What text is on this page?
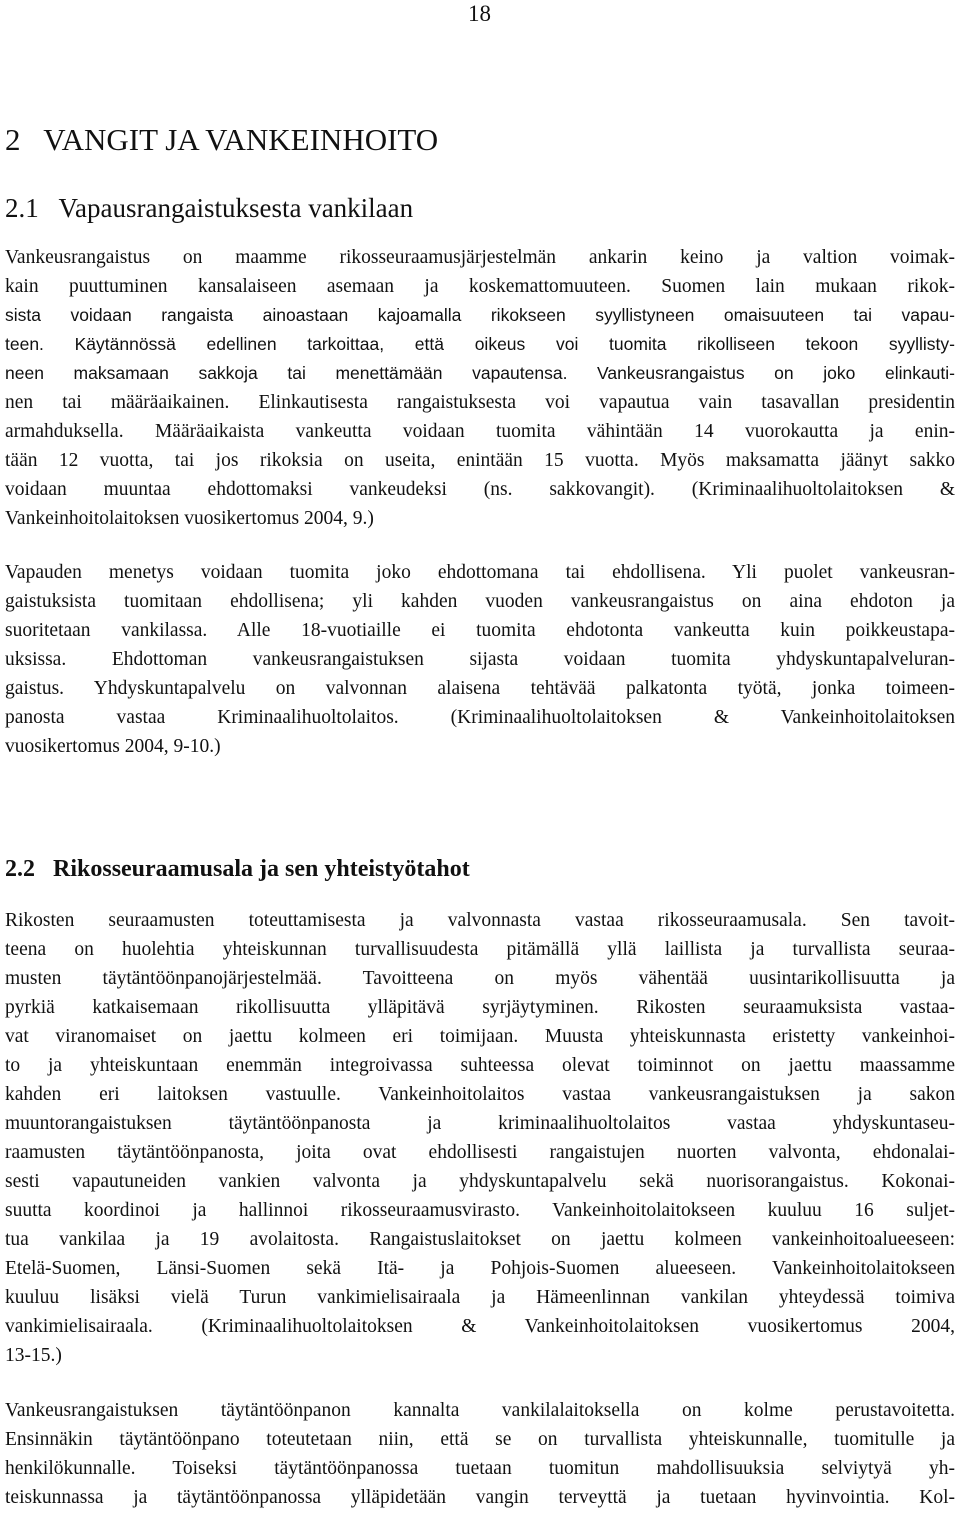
18
2   VANGIT JA VANKEINHOITO
2.1   Vapausrangaistuksesta vankilaan
Vankeusrangaistus on maamme rikosseuraamusjärjestelmän ankarin keino ja valtion voimak-
kain puuttuminen kansalaiseen asemaan ja koskemattomuuteen. Suomen lain mukaan rikok-
sista voidaan rangaista ainoastaan kajoamalla rikokseen syyllistyneen omaisuuteen tai vapau-
teen. Käytännössä edellinen tarkoittaa, että oikeus voi tuomita rikolliseen tekoon syyllisty-
neen maksamaan sakkoja tai menettämään vapautensa. Vankeusrangaistus on joko elinkauti-
nen tai määräaikainen. Elinkautisesta rangaistuksesta voi vapautua vain tasavallan presidentin
armahduksella. Määräaikaista vankeutta voidaan tuomita vähintään 14 vuorokautta ja enin-
tään 12 vuotta, tai jos rikoksia on useita, enintään 15 vuotta. Myös maksamatta jäänyt sakko
voidaan muuntaa ehdottomaksi vankeudeksi (ns. sakkovangit). (Kriminaalihuoltolaitoksen &
Vankeinhoitolaitoksen vuosikertomus 2004, 9.)
Vapauden menetys voidaan tuomita joko ehdottomana tai ehdollisena. Yli puolet vankeusran-
gaistuksista tuomitaan ehdollisena; yli kahden vuoden vankeusrangaistus on aina ehdoton ja
suoritetaan vankilassa. Alle 18-vuotiaille ei tuomita ehdotonta vankeutta kuin poikkeustapa-
uksissa. Ehdottoman vankeusrangaistuksen sijasta voidaan tuomita yhdyskuntapalveluran-
gaistus. Yhdyskuntapalvelu on valvonnan alaisena tehtävää palkatonta työtä, jonka toimeen-
panosta vastaa Kriminaalihuoltolaitos. (Kriminaalihuoltolaitoksen & Vankeinhoitolaitoksen
vuosikertomus 2004, 9-10.)
2.2   Rikosseuraamusala ja sen yhteistyötahot
Rikosten seuraamusten toteuttamisesta ja valvonnasta vastaa rikosseuraamusala. Sen tavoit-
teena on huolehtia yhteiskunnan turvallisuudesta pitämällä yllä laillista ja turvallista seuraa-
musten täytäntöönpanojärjestelmää. Tavoitteena on myös vähentää uusintarikollisuutta ja
pyrkiä katkaisemaan rikollisuutta ylläpitävä syrjäytyminen. Rikosten seuraamuksista vastaa-
vat viranomaiset on jaettu kolmeen eri toimijaan. Muusta yhteiskunnasta eristetty vankeinhoi-
to ja yhteiskuntaan enemmän integroivassa suhteessa olevat toiminnot on jaettu maassamme
kahden eri laitoksen vastuulle. Vankeinhoitolaitos vastaa vankeusrangaistuksen ja sakon
muuntorangaistuksen täytäntöönpanosta ja kriminaalihuoltolaitos vastaa yhdyskuntaseu-
raamusten täytäntöönpanosta, joita ovat ehdollisesti rangaistujen nuorten valvonta, ehdonalai-
sesti vapautuneiden vankien valvonta ja yhdyskuntapalvelu sekä nuorisorangaistus. Kokonai-
suutta koordinoi ja hallinnoi rikosseuraamusvirasto. Vankeinhoitolaitokseen kuuluu 16 suljet-
tua vankilaa ja 19 avolaitosta. Rangaistuslaitokset on jaettu kolmeen vankeinhoitoalueeseen:
Etelä-Suomen, Länsi-Suomen sekä Itä- ja Pohjois-Suomen alueeseen. Vankeinhoitolaitokseen
kuuluu lisäksi vielä Turun vankimielisairaala ja Hämeenlinnan vankilan yhteydessä toimiva
vankimielisairaala. (Kriminaalihuoltolaitoksen & Vankeinhoitolaitoksen vuosikertomus 2004,
13-15.)
Vankeusrangaistuksen täytäntöönpanon kannalta vankilalaitoksella on kolme perustavoitetta.
Ensinnäkin täytäntöönpano toteutetaan niin, että se on turvallista yhteiskunnalle, tuomitulle ja
henkilökunnalle. Toiseksi täytäntöönpanossa tuetaan tuomitun mahdollisuuksia selviytyä yh-
teiskunnassa ja täytäntöönpanossa ylläpidetään vangin terveyttä ja tuetaan hyvinvointia. Kol-
